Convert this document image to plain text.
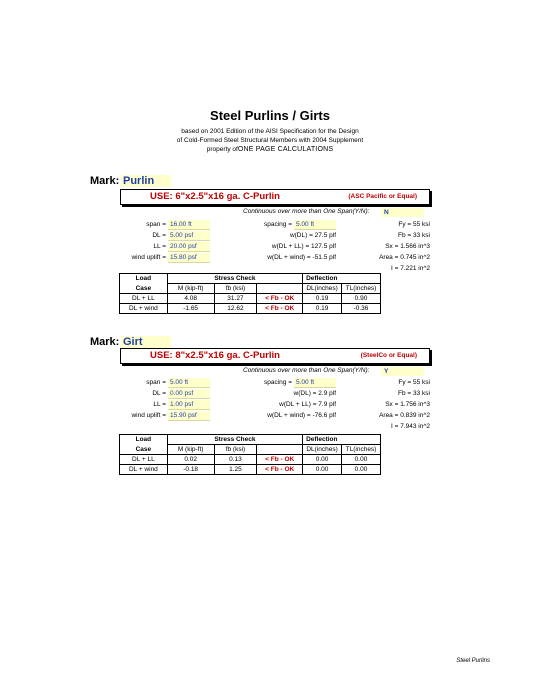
Steel Purlins / Girts
based on 2001 Edition of the AISI Specification for the Design
of Cold-Formed Steel Structural Members with 2004 Supplement
property ofONE PAGE CALCULATIONS
Mark: Purlin
USE: 6"x2.5"x16 ga. C-Purlin	(ASC Pacific or Equal)
Continuous over more than One Span(Y/N):	N
span = 16.00 ft
DL = 5.00 psf
LL = 20.00 psf
wind uplift = 15.80 psf
spacing = 5.00 ft
w(DL) = 27.5 plf
w(DL + LL) = 127.5 plf
w(DL + wind) = -51.5 plf
Fy = 55 ksi
Fb = 33 ksi
Sx = 1.566 in^3
Area = 0.745 in^2
I = 7.221 in^2
Load	Stress Check			Deflection	
Case	M (kip-ft)	fb (ksi)		DL(inches)	TL(inches)
DL + LL	4.08	31.27	< Fb - OK	0.19	0.90
DL + wind	-1.65	12.62	< Fb - OK	0.19	-0.36
Mark: Girt
USE: 8"x2.5"x16 ga. C-Purlin	(SteelCo or Equal)
Continuous over more than One Span(Y/N):	Y
span = 5.00 ft
DL = 0.00 psf
LL = 1.00 psf
wind uplift = 15.90 psf
spacing = 5.00 ft
w(DL) = 2.9 plf
w(DL + LL) = 7.9 plf
w(DL + wind) = -76.6 plf
Fy = 55 ksi
Fb = 33 ksi
Sx = 1.756 in^3
Area = 0.839 in^2
I = 7.943 in^2
Load	Stress Check			Deflection	
Case	M (kip-ft)	fb (ksi)		DL(inches)	TL(inches)
DL + LL	0.02	0.13	< Fb - OK	0.00	0.00
DL + wind	-0.18	1.25	< Fb - OK	0.00	0.00
Steel Purlins
